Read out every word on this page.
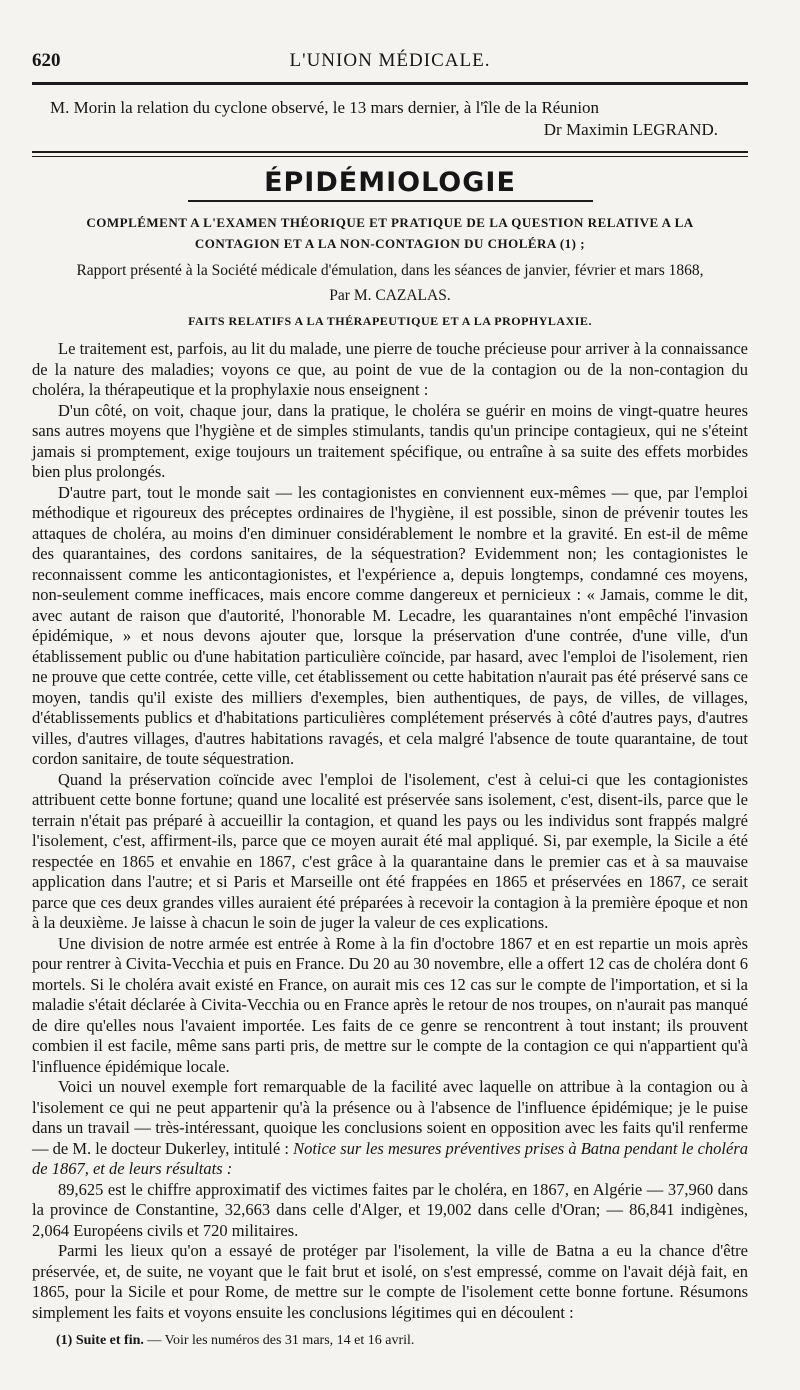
620	L'UNION MÉDICALE.
M. Morin la relation du cyclone observé, le 13 mars dernier, à l'île de la Réunion
Dr Maximin LEGRAND.
ÉPIDÉMIOLOGIE
COMPLÉMENT A L'EXAMEN THÉORIQUE ET PRATIQUE DE LA QUESTION RELATIVE A LA
CONTAGION ET A LA NON-CONTAGION DU CHOLÉRA (1) ;
Rapport présenté à la Société médicale d'émulation, dans les séances de janvier, février et mars 1868,
Par M. CAZALAS.
FAITS RELATIFS A LA THÉRAPEUTIQUE ET A LA PROPHYLAXIE.

Le traitement est, parfois, au lit du malade, une pierre de touche précieuse pour arriver à la connaissance de la nature des maladies; voyons ce que, au point de vue de la contagion ou de la non-contagion du choléra, la thérapeutique et la prophylaxie nous enseignent :

D'un côté, on voit, chaque jour, dans la pratique, le choléra se guérir en moins de vingt-quatre heures sans autres moyens que l'hygiène et de simples stimulants, tandis qu'un principe contagieux, qui ne s'éteint jamais si promptement, exige toujours un traitement spécifique, ou entraîne à sa suite des effets morbides bien plus prolongés.

D'autre part, tout le monde sait — les contagionistes en conviennent eux-mêmes — que, par l'emploi méthodique et rigoureux des préceptes ordinaires de l'hygiène, il est possible, sinon de prévenir toutes les attaques de choléra, au moins d'en diminuer considérablement le nombre et la gravité. En est-il de même des quarantaines, des cordons sanitaires, de la séquestration? Evidemment non; les contagionistes le reconnaissent comme les anticontagionistes, et l'expérience a, depuis longtemps, condamné ces moyens, non-seulement comme inefficaces, mais encore comme dangereux et pernicieux : « Jamais, comme le dit, avec autant de raison que d'autorité, l'honorable M. Lecadre, les quarantaines n'ont empêché l'invasion épidémique, » et nous devons ajouter que, lorsque la préservation d'une contrée, d'une ville, d'un établissement public ou d'une habitation particulière coïncide, par hasard, avec l'emploi de l'isolement, rien ne prouve que cette contrée, cette ville, cet établissement ou cette habitation n'aurait pas été préservé sans ce moyen, tandis qu'il existe des milliers d'exemples, bien authentiques, de pays, de villes, de villages, d'établissements publics et d'habitations particulières complétement préservés à côté d'autres pays, d'autres villes, d'autres villages, d'autres habitations ravagés, et cela malgré l'absence de toute quarantaine, de tout cordon sanitaire, de toute séquestration.

Quand la préservation coïncide avec l'emploi de l'isolement, c'est à celui-ci que les contagionistes attribuent cette bonne fortune; quand une localité est préservée sans isolement, c'est, disent-ils, parce que le terrain n'était pas préparé à accueillir la contagion, et quand les pays ou les individus sont frappés malgré l'isolement, c'est, affirment-ils, parce que ce moyen aurait été mal appliqué. Si, par exemple, la Sicile a été respectée en 1865 et envahie en 1867, c'est grâce à la quarantaine dans le premier cas et à sa mauvaise application dans l'autre; et si Paris et Marseille ont été frappées en 1865 et préservées en 1867, ce serait parce que ces deux grandes villes auraient été préparées à recevoir la contagion à la première époque et non à la deuxième. Je laisse à chacun le soin de juger la valeur de ces explications.

Une division de notre armée est entrée à Rome à la fin d'octobre 1867 et en est repartie un mois après pour rentrer à Civita-Vecchia et puis en France. Du 20 au 30 novembre, elle a offert 12 cas de choléra dont 6 mortels. Si le choléra avait existé en France, on aurait mis ces 12 cas sur le compte de l'importation, et si la maladie s'était déclarée à Civita-Vecchia ou en France après le retour de nos troupes, on n'aurait pas manqué de dire qu'elles nous l'avaient importée. Les faits de ce genre se rencontrent à tout instant; ils prouvent combien il est facile, même sans parti pris, de mettre sur le compte de la contagion ce qui n'appartient qu'à l'influence épidémique locale.

Voici un nouvel exemple fort remarquable de la facilité avec laquelle on attribue à la contagion ou à l'isolement ce qui ne peut appartenir qu'à la présence ou à l'absence de l'influence épidémique; je le puise dans un travail — très-intéressant, quoique les conclusions soient en opposition avec les faits qu'il renferme — de M. le docteur Dukerley, intitulé : Notice sur les mesures préventives prises à Batna pendant le choléra de 1867, et de leurs résultats :

89,625 est le chiffre approximatif des victimes faites par le choléra, en 1867, en Algérie — 37,960 dans la province de Constantine, 32,663 dans celle d'Alger, et 19,002 dans celle d'Oran; — 86,841 indigènes, 2,064 Européens civils et 720 militaires.

Parmi les lieux qu'on a essayé de protéger par l'isolement, la ville de Batna a eu la chance d'être préservée, et, de suite, ne voyant que le fait brut et isolé, on s'est empressé, comme on l'avait déjà fait, en 1865, pour la Sicile et pour Rome, de mettre sur le compte de l'isolement cette bonne fortune. Résumons simplement les faits et voyons ensuite les conclusions légitimes qui en découlent :

(1) Suite et fin. — Voir les numéros des 31 mars, 14 et 16 avril.
